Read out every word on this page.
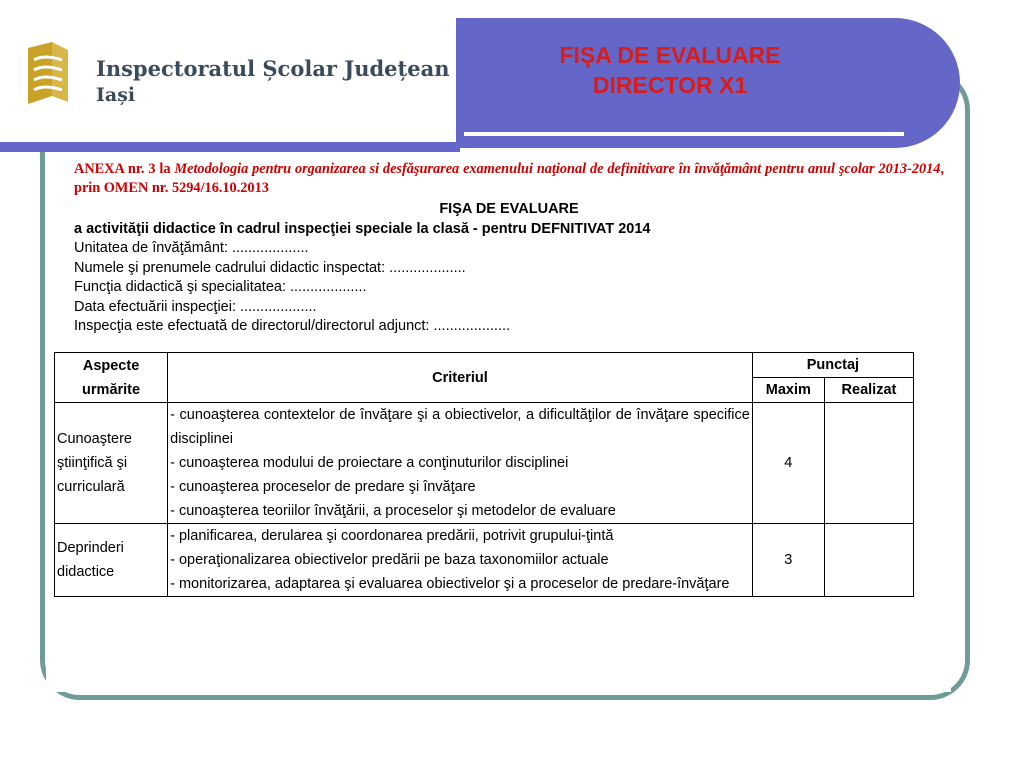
Inspectoratul Școlar Județean
Iași
FIŞA DE EVALUARE
DIRECTOR X1
ANEXA nr. 3 la Metodologia pentru organizarea si desfăşurarea examenului naţional de definitivare în învăţământ pentru anul şcolar 2013-2014, prin OMEN nr. 5294/16.10.2013
FIŞA DE EVALUARE
a activităţii didactice în cadrul inspecţiei speciale la clasă - pentru DEFNITIVAT 2014
Unitatea de învăţământ: ...................
Numele şi prenumele cadrului didactic inspectat: ...................
Funcţia didactică şi specialitatea: ...................
Data efectuării inspecţiei: ...................
Inspecţia este efectuată de directorul/directorul adjunct: ...................
Aspecte urmărite	Criteriul	Punctaj	
		Maxim	Realizat
Cunoaştere ştiinţifică şi curriculară	- cunoaşterea contextelor de învăţare şi a obiectivelor, a dificultăţilor de învăţare specifice disciplinei
- cunoaşterea modului de proiectare a conţinuturilor disciplinei
- cunoaşterea proceselor de predare şi învăţare
- cunoaşterea teoriilor învăţării, a proceselor şi metodelor de evaluare	4	
Deprinderi didactice	- planificarea, derularea şi coordonarea predării, potrivit grupului-ţintă
- operaţionalizarea obiectivelor predării pe baza taxonomiilor actuale
- monitorizarea, adaptarea şi evaluarea obiectivelor şi a proceselor de predare-învăţare	3	
